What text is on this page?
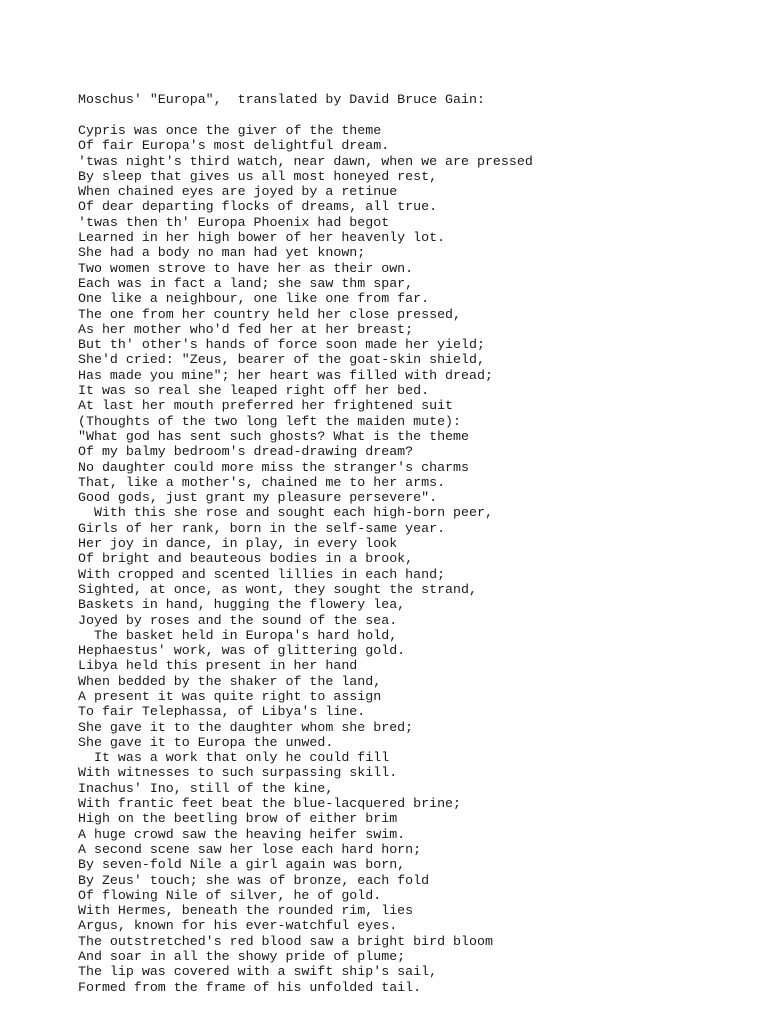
Moschus' "Europa",  translated by David Bruce Gain:
Cypris was once the giver of the theme
Of fair Europa's most delightful dream.
'twas night's third watch, near dawn, when we are pressed
By sleep that gives us all most honeyed rest,
When chained eyes are joyed by a retinue
Of dear departing flocks of dreams, all true.
'twas then th' Europa Phoenix had begot
Learned in her high bower of her heavenly lot.
She had a body no man had yet known;
Two women strove to have her as their own.
Each was in fact a land; she saw thm spar,
One like a neighbour, one like one from far.
The one from her country held her close pressed,
As her mother who'd fed her at her breast;
But th' other's hands of force soon made her yield;
She'd cried: "Zeus, bearer of the goat-skin shield,
Has made you mine"; her heart was filled with dread;
It was so real she leaped right off her bed.
At last her mouth preferred her frightened suit
(Thoughts of the two long left the maiden mute):
"What god has sent such ghosts? What is the theme
Of my balmy bedroom's dread-drawing dream?
No daughter could more miss the stranger's charms
That, like a mother's, chained me to her arms.
Good gods, just grant my pleasure persevere".
With this she rose and sought each high-born peer,
Girls of her rank, born in the self-same year.
Her joy in dance, in play, in every look
Of bright and beauteous bodies in a brook,
With cropped and scented lillies in each hand;
Sighted, at once, as wont, they sought the strand,
Baskets in hand, hugging the flowery lea,
Joyed by roses and the sound of the sea.
The basket held in Europa's hard hold,
Hephaestus' work, was of glittering gold.
Libya held this present in her hand
When bedded by the shaker of the land,
A present it was quite right to assign
To fair Telephassa, of Libya's line.
She gave it to the daughter whom she bred;
She gave it to Europa the unwed.
It was a work that only he could fill
With witnesses to such surpassing skill.
Inachus' Ino, still of the kine,
With frantic feet beat the blue-lacquered brine;
High on the beetling brow of either brim
A huge crowd saw the heaving heifer swim.
A second scene saw her lose each hard horn;
By seven-fold Nile a girl again was born,
By Zeus' touch; she was of bronze, each fold
Of flowing Nile of silver, he of gold.
With Hermes, beneath the rounded rim, lies
Argus, known for his ever-watchful eyes.
The outstretched's red blood saw a bright bird bloom
And soar in all the showy pride of plume;
The lip was covered with a swift ship's sail,
Formed from the frame of his unfolded tail.
